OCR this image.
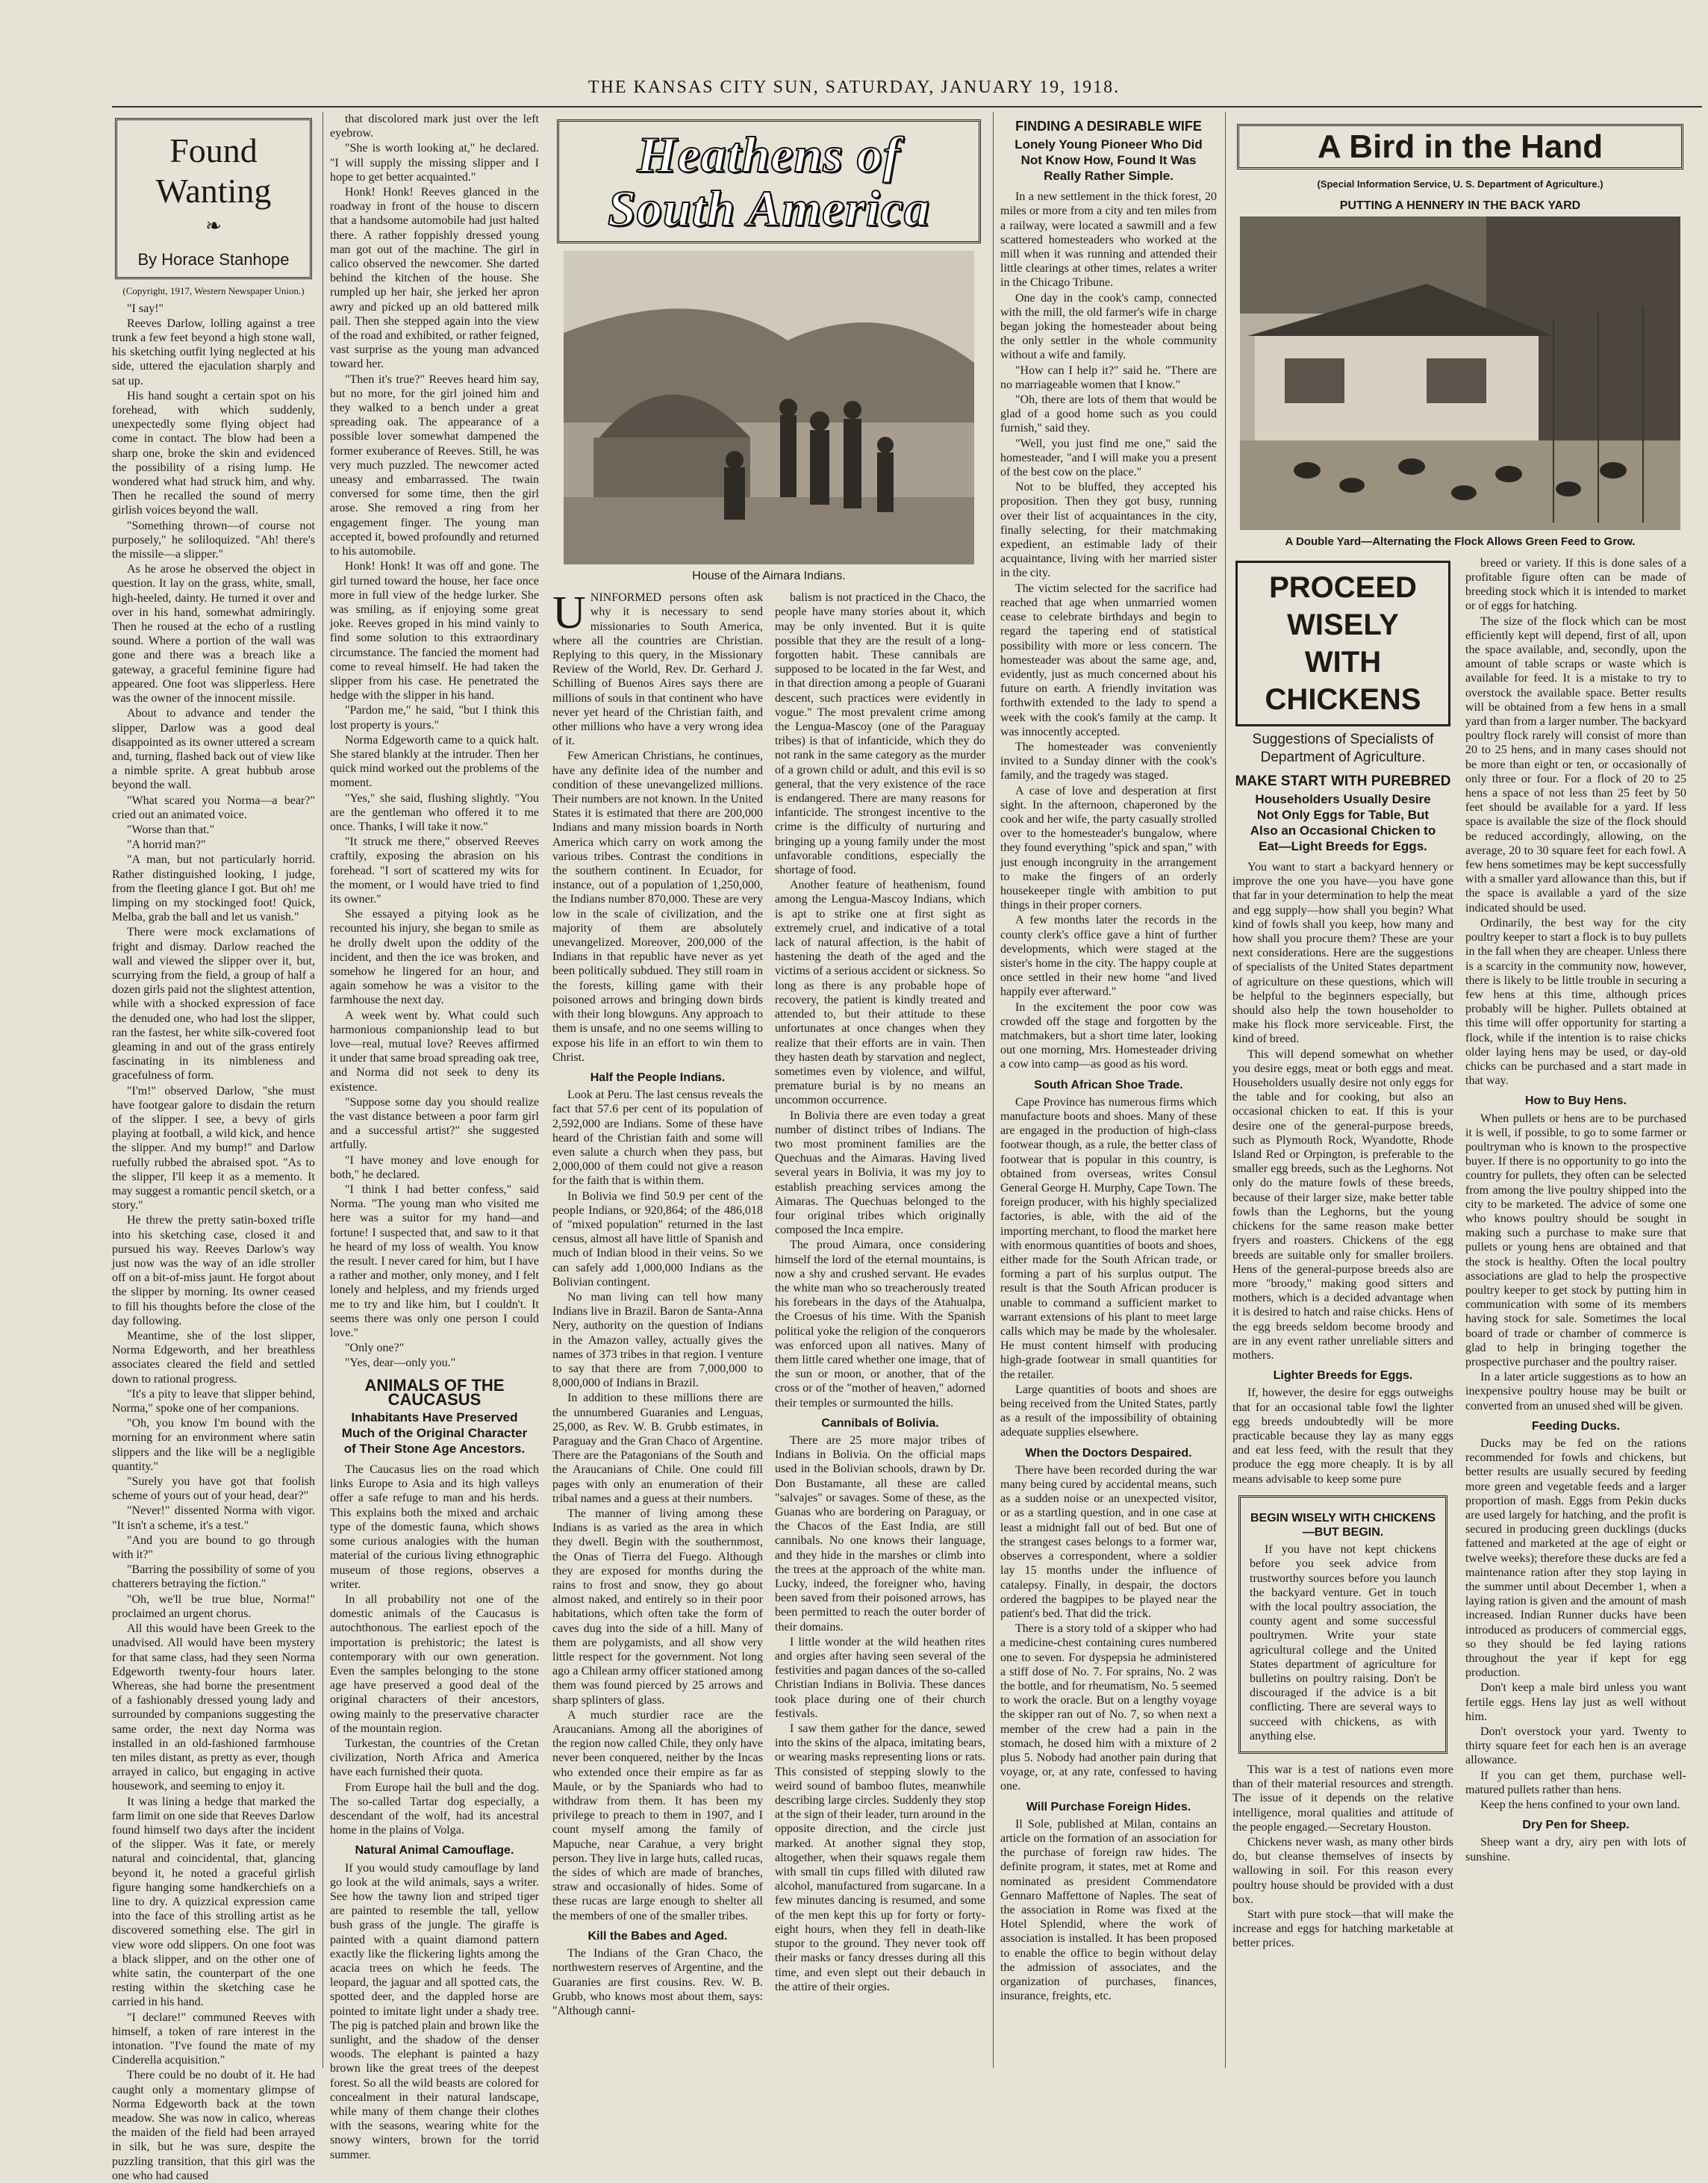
THE KANSAS CITY SUN, SATURDAY, JANUARY 19, 1918.
Found
Wanting
❧
By Horace Stanhope
(Copyright, 1917, Western Newspaper Union.)

"I say!"

Reeves Darlow, lolling against a tree trunk a few feet beyond a high stone wall, his sketching outfit lying neglected at his side, uttered the ejaculation sharply and sat up.

His hand sought a certain spot on his forehead, with which suddenly, unexpectedly some flying object had come in contact. The blow had been a sharp one, broke the skin and evidenced the possibility of a rising lump. He wondered what had struck him, and why. Then he recalled the sound of merry girlish voices beyond the wall.

"Something thrown—of course not purposely," he soliloquized. "Ah! there's the missile—a slipper."

As he arose he observed the object in question. It lay on the grass, white, small, high-heeled, dainty. He turned it over and over in his hand, somewhat admiringly. Then he roused at the echo of a rustling sound. Where a portion of the wall was gone and there was a breach like a gateway, a graceful feminine figure had appeared. One foot was slipperless. Here was the owner of the innocent missile.

About to advance and tender the slipper, Darlow was a good deal disappointed as its owner uttered a scream and, turning, flashed back out of view like a nimble sprite. A great hubbub arose beyond the wall.

"What scared you Norma—a bear?" cried out an animated voice.

"Worse than that."

"A horrid man?"

"A man, but not particularly horrid. Rather distinguished looking, I judge, from the fleeting glance I got. But oh! me limping on my stockinged foot! Quick, Melba, grab the ball and let us vanish."

There were mock exclamations of fright and dismay. Darlow reached the wall and viewed the slipper over it, but, scurrying from the field, a group of half a dozen girls paid not the slightest attention, while with a shocked expression of face the denuded one, who had lost the slipper, ran the fastest, her white silk-covered foot gleaming in and out of the grass entirely fascinating in its nimbleness and gracefulness of form.

"I'm!" observed Darlow, "she must have footgear galore to disdain the return of the slipper. I see, a bevy of girls playing at football, a wild kick, and hence the slipper. And my bump!" and Darlow ruefully rubbed the abraised spot. "As to the slipper, I'll keep it as a memento. It may suggest a romantic pencil sketch, or a story."

He threw the pretty satin-boxed trifle into his sketching case, closed it and pursued his way. Reeves Darlow's way just now was the way of an idle stroller off on a bit-of-miss jaunt. He forgot about the slipper by morning. Its owner ceased to fill his thoughts before the close of the day following.

Meantime, she of the lost slipper, Norma Edgeworth, and her breathless associates cleared the field and settled down to rational progress.

"It's a pity to leave that slipper behind, Norma," spoke one of her companions.

"Oh, you know I'm bound with the morning for an environment where satin slippers and the like will be a negligible quantity."

"Surely you have got that foolish scheme of yours out of your head, dear?"

"Never!" dissented Norma with vigor. "It isn't a scheme, it's a test."

"And you are bound to go through with it?"

"Barring the possibility of some of you chatterers betraying the fiction."

"Oh, we'll be true blue, Norma!" proclaimed an urgent chorus.

All this would have been Greek to the unadvised. All would have been mystery for that same class, had they seen Norma Edgeworth twenty-four hours later. Whereas, she had borne the presentment of a fashionably dressed young lady and surrounded by companions suggesting the same order, the next day Norma was installed in an old-fashioned farmhouse ten miles distant, as pretty as ever, though arrayed in calico, but engaging in active housework, and seeming to enjoy it.

It was lining a hedge that marked the farm limit on one side that Reeves Darlow found himself two days after the incident of the slipper. Was it fate, or merely natural and coincidental, that, glancing beyond it, he noted a graceful girlish figure hanging some handkerchiefs on a line to dry. A quizzical expression came into the face of this strolling artist as he discovered something else. The girl in view wore odd slippers. On one foot was a black slipper, and on the other one of white satin, the counterpart of the one resting within the sketching case he carried in his hand.

"I declare!" communed Reeves with himself, a token of rare interest in the intonation. "I've found the mate of my Cinderella acquisition."

There could be no doubt of it. He had caught only a momentary glimpse of Norma Edgeworth back at the town meadow. She was now in calico, whereas the maiden of the field had been arrayed in silk, but he was sure, despite the puzzling transition, that this girl was the one who had caused

that discolored mark just over the left eyebrow.

"She is worth looking at," he declared. "I will supply the missing slipper and I hope to get better acquainted."

Honk! Honk! Reeves glanced in the roadway in front of the house to discern that a handsome automobile had just halted there. A rather foppishly dressed young man got out of the machine. The girl in calico observed the newcomer. She darted behind the kitchen of the house. She rumpled up her hair, she jerked her apron awry and picked up an old battered milk pail. Then she stepped again into the view of the road and exhibited, or rather feigned, vast surprise as the young man advanced toward her.

"Then it's true?" Reeves heard him say, but no more, for the girl joined him and they walked to a bench under a great spreading oak. The appearance of a possible lover somewhat dampened the former exuberance of Reeves. Still, he was very much puzzled. The newcomer acted uneasy and embarrassed. The twain conversed for some time, then the girl arose. She removed a ring from her engagement finger. The young man accepted it, bowed profoundly and returned to his automobile.

Honk! Honk! It was off and gone. The girl turned toward the house, her face once more in full view of the hedge lurker. She was smiling, as if enjoying some great joke. Reeves groped in his mind vainly to find some solution to this extraordinary circumstance. The fancied the moment had come to reveal himself. He had taken the slipper from his case. He penetrated the hedge with the slipper in his hand.

"Pardon me," he said, "but I think this lost property is yours."

Norma Edgeworth came to a quick halt. She stared blankly at the intruder. Then her quick mind worked out the problems of the moment.

"Yes," she said, flushing slightly. "You are the gentleman who offered it to me once. Thanks, I will take it now."

"It struck me there," observed Reeves craftily, exposing the abrasion on his forehead. "I sort of scattered my wits for the moment, or I would have tried to find its owner."

She essayed a pitying look as he recounted his injury, she began to smile as he drolly dwelt upon the oddity of the incident, and then the ice was broken, and somehow he lingered for an hour, and again somehow he was a visitor to the farmhouse the next day.

A week went by. What could such harmonious companionship lead to but love—real, mutual love? Reeves affirmed it under that same broad spreading oak tree, and Norma did not seek to deny its existence.

"Suppose some day you should realize the vast distance between a poor farm girl and a successful artist?" she suggested artfully.

"I have money and love enough for both," he declared.

"I think I had better confess," said Norma. "The young man who visited me here was a suitor for my hand—and fortune! I suspected that, and saw to it that he heard of my loss of wealth. You know the result. I never cared for him, but I have a rather and mother, only money, and I felt lonely and helpless, and my friends urged me to try and like him, but I couldn't. It seems there was only one person I could love."

"Only one?"

"Yes, dear—only you."

ANIMALS OF THE CAUCASUS
Inhabitants Have Preserved Much of the Original Character of Their Stone Age Ancestors.

The Caucasus lies on the road which links Europe to Asia and its high valleys offer a safe refuge to man and his herds. This explains both the mixed and archaic type of the domestic fauna, which shows some curious analogies with the human material of the curious living ethnographic museum of those regions, observes a writer.

In all probability not one of the domestic animals of the Caucasus is autochthonous. The earliest epoch of the importation is prehistoric; the latest is contemporary with our own generation. Even the samples belonging to the stone age have preserved a good deal of the original characters of their ancestors, owing mainly to the preservative character of the mountain region.

Turkestan, the countries of the Cretan civilization, North Africa and America have each furnished their quota.

From Europe hail the bull and the dog. The so-called Tartar dog especially, a descendant of the wolf, had its ancestral home in the plains of Volga.

Natural Animal Camouflage.

If you would study camouflage by land go look at the wild animals, says a writer. See how the tawny lion and striped tiger are painted to resemble the tall, yellow bush grass of the jungle. The giraffe is painted with a quaint diamond pattern exactly like the flickering lights among the acacia trees on which he feeds. The leopard, the jaguar and all spotted cats, the spotted deer, and the dappled horse are pointed to imitate light under a shady tree. The pig is patched plain and brown like the sunlight, and the shadow of the denser woods. The elephant is painted a hazy brown like the great trees of the deepest forest. So all the wild beasts are colored for concealment in their natural landscape, while many of them change their clothes with the seasons, wearing white for the snowy winters, brown for the torrid summer.

Heathens of
South America
House of the Aimara Indians.

UNINFORMED persons often ask why it is necessary to send missionaries to South America, where all the countries are Christian. Replying to this query, in the Missionary Review of the World, Rev. Dr. Gerhard J. Schilling of Buenos Aires says there are millions of souls in that continent who have never yet heard of the Christian faith, and other millions who have a very wrong idea of it.

Few American Christians, he continues, have any definite idea of the number and condition of these unevangelized millions. Their numbers are not known. In the United States it is estimated that there are 200,000 Indians and many mission boards in North America which carry on work among the various tribes. Contrast the conditions in the southern continent. In Ecuador, for instance, out of a population of 1,250,000, the Indians number 870,000. These are very low in the scale of civilization, and the majority of them are absolutely unevangelized. Moreover, 200,000 of the Indians in that republic have never as yet been politically subdued. They still roam in the forests, killing game with their poisoned arrows and bringing down birds with their long blowguns. Any approach to them is unsafe, and no one seems willing to expose his life in an effort to win them to Christ.

Half the People Indians.

Look at Peru. The last census reveals the fact that 57.6 per cent of its population of 2,592,000 are Indians. Some of these have heard of the Christian faith and some will even salute a church when they pass, but 2,000,000 of them could not give a reason for the faith that is within them.

In Bolivia we find 50.9 per cent of the people Indians, or 920,864; of the 486,018 of "mixed population" returned in the last census, almost all have little of Spanish and much of Indian blood in their veins. So we can safely add 1,000,000 Indians as the Bolivian contingent.

No man living can tell how many Indians live in Brazil. Baron de Santa-Anna Nery, authority on the question of Indians in the Amazon valley, actually gives the names of 373 tribes in that region. I venture to say that there are from 7,000,000 to 8,000,000 of Indians in Brazil.

In addition to these millions there are the unnumbered Guaranies and Lenguas, 25,000, as Rev. W. B. Grubb estimates, in Paraguay and the Gran Chaco of Argentine. There are the Patagonians of the South and the Araucanians of Chile. One could fill pages with only an enumeration of their tribal names and a guess at their numbers.

The manner of living among these Indians is as varied as the area in which they dwell. Begin with the southernmost, the Onas of Tierra del Fuego. Although they are exposed for months during the rains to frost and snow, they go about almost naked, and entirely so in their poor habitations, which often take the form of caves dug into the side of a hill. Many of them are polygamists, and all show very little respect for the government. Not long ago a Chilean army officer stationed among them was found pierced by 25 arrows and sharp splinters of glass.

A much sturdier race are the Araucanians. Among all the aborigines of the region now called Chile, they only have never been conquered, neither by the Incas who extended once their empire as far as Maule, or by the Spaniards who had to withdraw from them. It has been my privilege to preach to them in 1907, and I count myself among the family of Mapuche, near Carahue, a very bright person. They live in large huts, called rucas, the sides of which are made of branches, straw and occasionally of hides. Some of these rucas are large enough to shelter all the members of one of the smaller tribes.

Kill the Babes and Aged.

The Indians of the Gran Chaco, the northwestern reserves of Argentine, and the Guaranies are first cousins. Rev. W. B. Grubb, who knows most about them, says: "Although canni-

balism is not practiced in the Chaco, the people have many stories about it, which may be only invented. But it is quite possible that they are the result of a long-forgotten habit. These cannibals are supposed to be located in the far West, and in that direction among a people of Guarani descent, such practices were evidently in vogue." The most prevalent crime among the Lengua-Mascoy (one of the Paraguay tribes) is that of infanticide, which they do not rank in the same category as the murder of a grown child or adult, and this evil is so general, that the very existence of the race is endangered. There are many reasons for infanticide. The strongest incentive to the crime is the difficulty of nurturing and bringing up a young family under the most unfavorable conditions, especially the shortage of food.

Another feature of heathenism, found among the Lengua-Mascoy Indians, which is apt to strike one at first sight as extremely cruel, and indicative of a total lack of natural affection, is the habit of hastening the death of the aged and the victims of a serious accident or sickness. So long as there is any probable hope of recovery, the patient is kindly treated and attended to, but their attitude to these unfortunates at once changes when they realize that their efforts are in vain. Then they hasten death by starvation and neglect, sometimes even by violence, and wilful, premature burial is by no means an uncommon occurrence.

In Bolivia there are even today a great number of distinct tribes of Indians. The two most prominent families are the Quechuas and the Aimaras. Having lived several years in Bolivia, it was my joy to establish preaching services among the Aimaras. The Quechuas belonged to the four original tribes which originally composed the Inca empire.

The proud Aimara, once considering himself the lord of the eternal mountains, is now a shy and crushed servant. He evades the white man who so treacherously treated his forebears in the days of the Atahualpa, the Croesus of his time. With the Spanish political yoke the religion of the conquerors was enforced upon all natives. Many of them little cared whether one image, that of the sun or moon, or another, that of the cross or of the "mother of heaven," adorned their temples or surmounted the hills.

Cannibals of Bolivia.

There are 25 more major tribes of Indians in Bolivia. On the official maps used in the Bolivian schools, drawn by Dr. Don Bustamante, all these are called "salvajes" or savages. Some of these, as the Guanas who are bordering on Paraguay, or the Chacos of the East India, are still cannibals. No one knows their language, and they hide in the marshes or climb into the trees at the approach of the white man. Lucky, indeed, the foreigner who, having been saved from their poisoned arrows, has been permitted to reach the outer border of their domains.

I little wonder at the wild heathen rites and orgies after having seen several of the festivities and pagan dances of the so-called Christian Indians in Bolivia. These dances took place during one of their church festivals.

I saw them gather for the dance, sewed into the skins of the alpaca, imitating bears, or wearing masks representing lions or rats. This consisted of stepping slowly to the weird sound of bamboo flutes, meanwhile describing large circles. Suddenly they stop at the sign of their leader, turn around in the opposite direction, and the circle just marked. At another signal they stop, altogether, when their squaws regale them with small tin cups filled with diluted raw alcohol, manufactured from sugarcane. In a few minutes dancing is resumed, and some of the men kept this up for forty or forty-eight hours, when they fell in death-like stupor to the ground. They never took off their masks or fancy dresses during all this time, and even slept out their debauch in the attire of their orgies.

FINDING A DESIRABLE WIFE
Lonely Young Pioneer Who Did Not Know How, Found It Was Really Rather Simple.

In a new settlement in the thick forest, 20 miles or more from a city and ten miles from a railway, were located a sawmill and a few scattered homesteaders who worked at the mill when it was running and attended their little clearings at other times, relates a writer in the Chicago Tribune.

One day in the cook's camp, connected with the mill, the old farmer's wife in charge began joking the homesteader about being the only settler in the whole community without a wife and family.

"How can I help it?" said he. "There are no marriageable women that I know."

"Oh, there are lots of them that would be glad of a good home such as you could furnish," said they.

"Well, you just find me one," said the homesteader, "and I will make you a present of the best cow on the place."

Not to be bluffed, they accepted his proposition. Then they got busy, running over their list of acquaintances in the city, finally selecting, for their matchmaking expedient, an estimable lady of their acquaintance, living with her married sister in the city.

The victim selected for the sacrifice had reached that age when unmarried women cease to celebrate birthdays and begin to regard the tapering end of statistical possibility with more or less concern. The homesteader was about the same age, and, evidently, just as much concerned about his future on earth. A friendly invitation was forthwith extended to the lady to spend a week with the cook's family at the camp. It was innocently accepted.

The homesteader was conveniently invited to a Sunday dinner with the cook's family, and the tragedy was staged.

A case of love and desperation at first sight. In the afternoon, chaperoned by the cook and her wife, the party casually strolled over to the homesteader's bungalow, where they found everything "spick and span," with just enough incongruity in the arrangement to make the fingers of an orderly housekeeper tingle with ambition to put things in their proper corners.

A few months later the records in the county clerk's office gave a hint of further developments, which were staged at the sister's home in the city. The happy couple at once settled in their new home "and lived happily ever afterward."

In the excitement the poor cow was crowded off the stage and forgotten by the matchmakers, but a short time later, looking out one morning, Mrs. Homesteader driving a cow into camp—as good as his word.

South African Shoe Trade.

Cape Province has numerous firms which manufacture boots and shoes. Many of these are engaged in the production of high-class footwear though, as a rule, the better class of footwear that is popular in this country, is obtained from overseas, writes Consul General George H. Murphy, Cape Town. The foreign producer, with his highly specialized factories, is able, with the aid of the importing merchant, to flood the market here with enormous quantities of boots and shoes, either made for the South African trade, or forming a part of his surplus output. The result is that the South African producer is unable to command a sufficient market to warrant extensions of his plant to meet large calls which may be made by the wholesaler. He must content himself with producing high-grade footwear in small quantities for the retailer.

Large quantities of boots and shoes are being received from the United States, partly as a result of the impossibility of obtaining adequate supplies elsewhere.

When the Doctors Despaired.

There have been recorded during the war many being cured by accidental means, such as a sudden noise or an unexpected visitor, or as a startling question, and in one case at least a midnight fall out of bed. But one of the strangest cases belongs to a former war, observes a correspondent, where a soldier lay 15 months under the influence of catalepsy. Finally, in despair, the doctors ordered the bagpipes to be played near the patient's bed. That did the trick.

There is a story told of a skipper who had a medicine-chest containing cures numbered one to seven. For dyspepsia he administered a stiff dose of No. 7. For sprains, No. 2 was the bottle, and for rheumatism, No. 5 seemed to work the oracle. But on a lengthy voyage the skipper ran out of No. 7, so when next a member of the crew had a pain in the stomach, he dosed him with a mixture of 2 plus 5. Nobody had another pain during that voyage, or, at any rate, confessed to having one.

Will Purchase Foreign Hides.

Il Sole, published at Milan, contains an article on the formation of an association for the purchase of foreign raw hides. The definite program, it states, met at Rome and nominated as president Commendatore Gennaro Maffettone of Naples. The seat of the association in Rome was fixed at the Hotel Splendid, where the work of association is installed. It has been proposed to enable the office to begin without delay the admission of associates, and the organization of purchases, finances, insurance, freights, etc.

A Bird in the Hand
(Special Information Service, U. S. Department of Agriculture.)
PUTTING A HENNERY IN THE BACK YARD
A Double Yard—Alternating the Flock Allows Green Feed to Grow.
PROCEED WISELY
WITH CHICKENS
Suggestions of Specialists of Department of Agriculture.
MAKE START WITH PUREBRED
Householders Usually Desire Not Only Eggs for Table, But Also an Occasional Chicken to Eat—Light Breeds for Eggs.

You want to start a backyard hennery or improve the one you have—you have gone that far in your determination to help the meat and egg supply—how shall you begin? What kind of fowls shall you keep, how many and how shall you procure them? These are your next considerations. Here are the suggestions of specialists of the United States department of agriculture on these questions, which will be helpful to the beginners especially, but should also help the town householder to make his flock more serviceable. First, the kind of breed.

This will depend somewhat on whether you desire eggs, meat or both eggs and meat. Householders usually desire not only eggs for the table and for cooking, but also an occasional chicken to eat. If this is your desire one of the general-purpose breeds, such as Plymouth Rock, Wyandotte, Rhode Island Red or Orpington, is preferable to the smaller egg breeds, such as the Leghorns. Not only do the mature fowls of these breeds, because of their larger size, make better table fowls than the Leghorns, but the young chickens for the same reason make better fryers and roasters. Chickens of the egg breeds are suitable only for smaller broilers. Hens of the general-purpose breeds also are more "broody," making good sitters and mothers, which is a decided advantage when it is desired to hatch and raise chicks. Hens of the egg breeds seldom become broody and are in any event rather unreliable sitters and mothers.

Lighter Breeds for Eggs.

If, however, the desire for eggs outweighs that for an occasional table fowl the lighter egg breeds undoubtedly will be more practicable because they lay as many eggs and eat less feed, with the result that they produce the egg more cheaply. It is by all means advisable to keep some pure

BEGIN WISELY WITH CHICKENS—BUT BEGIN.

If you have not kept chickens before you seek advice from trustworthy sources before you launch the backyard venture. Get in touch with the local poultry association, the county agent and some successful poultrymen. Write your state agricultural college and the United States department of agriculture for bulletins on poultry raising. Don't be discouraged if the advice is a bit conflicting. There are several ways to succeed with chickens, as with anything else.

This war is a test of nations even more than of their material resources and strength. The issue of it depends on the relative intelligence, moral qualities and attitude of the people engaged.—Secretary Houston.

Chickens never wash, as many other birds do, but cleanse themselves of insects by wallowing in soil. For this reason every poultry house should be provided with a dust box.

Start with pure stock—that will make the increase and eggs for hatching marketable at better prices.

breed or variety. If this is done sales of a profitable figure often can be made of breeding stock which it is intended to market or of eggs for hatching.

The size of the flock which can be most efficiently kept will depend, first of all, upon the space available, and, secondly, upon the amount of table scraps or waste which is available for feed. It is a mistake to try to overstock the available space. Better results will be obtained from a few hens in a small yard than from a larger number. The backyard poultry flock rarely will consist of more than 20 to 25 hens, and in many cases should not be more than eight or ten, or occasionally of only three or four. For a flock of 20 to 25 hens a space of not less than 25 feet by 50 feet should be available for a yard. If less space is available the size of the flock should be reduced accordingly, allowing, on the average, 20 to 30 square feet for each fowl. A few hens sometimes may be kept successfully with a smaller yard allowance than this, but if the space is available a yard of the size indicated should be used.

Ordinarily, the best way for the city poultry keeper to start a flock is to buy pullets in the fall when they are cheaper. Unless there is a scarcity in the community now, however, there is likely to be little trouble in securing a few hens at this time, although prices probably will be higher. Pullets obtained at this time will offer opportunity for starting a flock, while if the intention is to raise chicks older laying hens may be used, or day-old chicks can be purchased and a start made in that way.

How to Buy Hens.

When pullets or hens are to be purchased it is well, if possible, to go to some farmer or poultryman who is known to the prospective buyer. If there is no opportunity to go into the country for pullets, they often can be selected from among the live poultry shipped into the city to be marketed. The advice of some one who knows poultry should be sought in making such a purchase to make sure that pullets or young hens are obtained and that the stock is healthy. Often the local poultry associations are glad to help the prospective poultry keeper to get stock by putting him in communication with some of its members having stock for sale. Sometimes the local board of trade or chamber of commerce is glad to help in bringing together the prospective purchaser and the poultry raiser.

In a later article suggestions as to how an inexpensive poultry house may be built or converted from an unused shed will be given.

Feeding Ducks.

Ducks may be fed on the rations recommended for fowls and chickens, but better results are usually secured by feeding more green and vegetable feeds and a larger proportion of mash. Eggs from Pekin ducks are used largely for hatching, and the profit is secured in producing green ducklings (ducks fattened and marketed at the age of eight or twelve weeks); therefore these ducks are fed a maintenance ration after they stop laying in the summer until about December 1, when a laying ration is given and the amount of mash increased. Indian Runner ducks have been introduced as producers of commercial eggs, so they should be fed laying rations throughout the year if kept for egg production.

Don't keep a male bird unless you want fertile eggs. Hens lay just as well without him.

Don't overstock your yard. Twenty to thirty square feet for each hen is an average allowance.

If you can get them, purchase well-matured pullets rather than hens.

Keep the hens confined to your own land.

Dry Pen for Sheep.

Sheep want a dry, airy pen with lots of sunshine.
